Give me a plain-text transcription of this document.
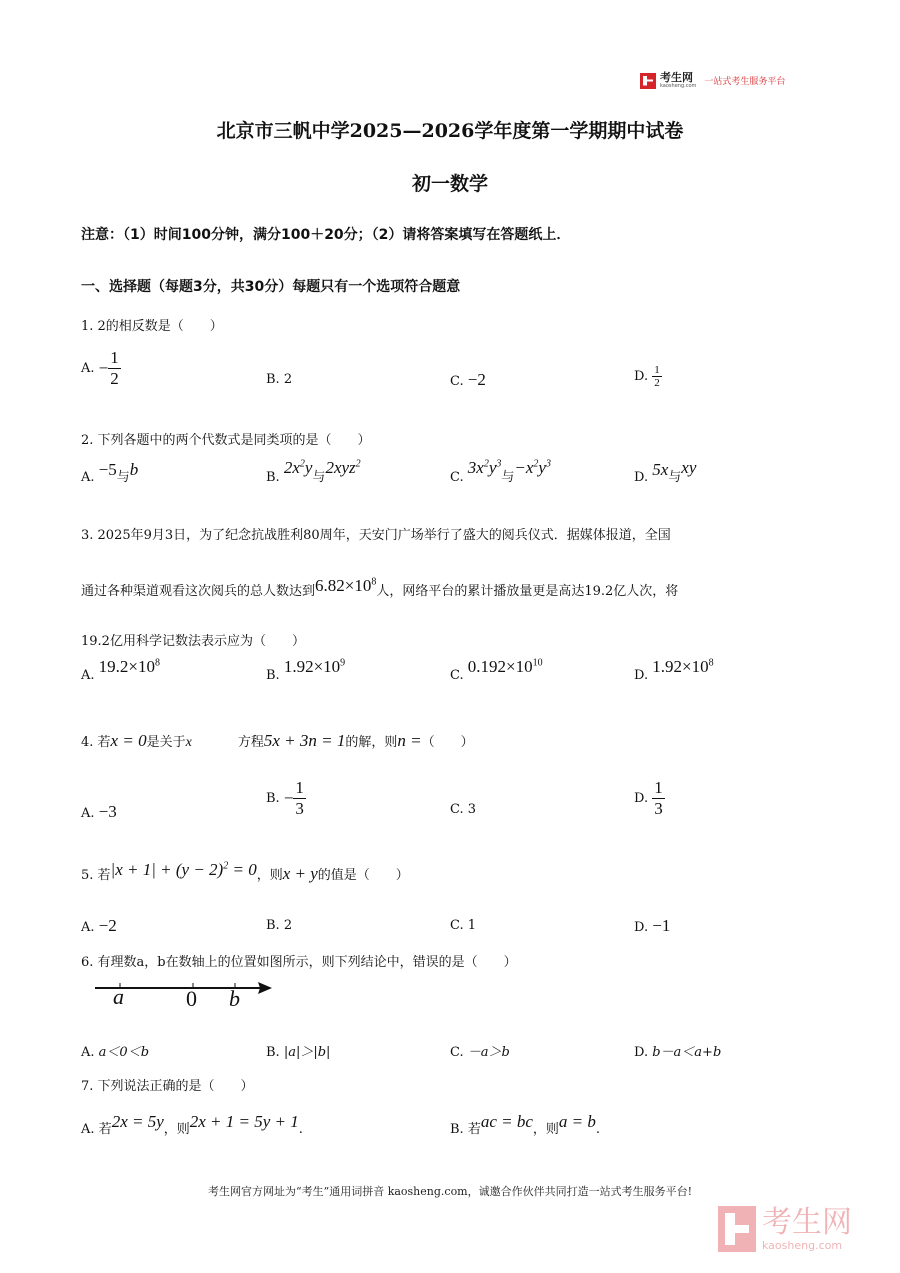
考生网
kaosheng.com 一站式考生服务平台
北京市三帆中学2025—2026学年度第一学期期中试卷
初一数学
注意：（1）时间100分钟，满分100＋20分；（2）请将答案填写在答题纸上．
一、选择题（每题3分，共30分）每题只有一个选项符合题意
1. 2的相反数是（　　）
A. − $\frac{1}{2}$	B. 2	C. −2	D. $\frac{1}{2}$
2. 下列各题中的两个代数式是同类项的是（　　）
A. −5与b	B. $2x^2y$与2xyz$^2$
C. $3x^2y^3$与$-x^2y^3$
D. 5x与xy
3. 2025年9月3日，为了纪念抗战胜利80周年，天安门广场举行了盛大的阅兵仪式．据媒体报道，全国
通过各种渠道观看这次阅兵的总人数达到$6.82\times 10^8$人，网络平台的累计播放量更是高达19.2亿人次，将
19.2亿用科学记数法表示应为（　　）
A. $19.2\times 10^8$
B. $1.92\times 10^9$
C. $0.192\times 10^{10}$
D. $1.92\times 10^8$
4. 若x = 0是关于x	方程5x + 3n = 1的解，则n =（　　）
A. −3
B. − $\frac{1}{3}$	C. 3
D. $\frac{1}{3}$
5. 若$|x + 1| + (y - 2)^2 = 0$，则x + y的值是（　　）
A. −2	B. 2	C. 1	D. −1
6. 有理数a，b在数轴上的位置如图所示，则下列结论中，错误的是（　　）
a	0 b
A. a＜0＜b	B. |a|＞|b|	C. －a＞b	D. b－a＜a+b
7. 下列说法正确的是（　　）
A. 若2x = 5y，则2x + 1 = 5y + 1.	B. 若ac = bc，则a = b.
考生网官方网址为“考生”通用词拼音 kaosheng.com，诚邀合作伙伴共同打造一站式考生服务平台!
考生网
kaosheng.com
